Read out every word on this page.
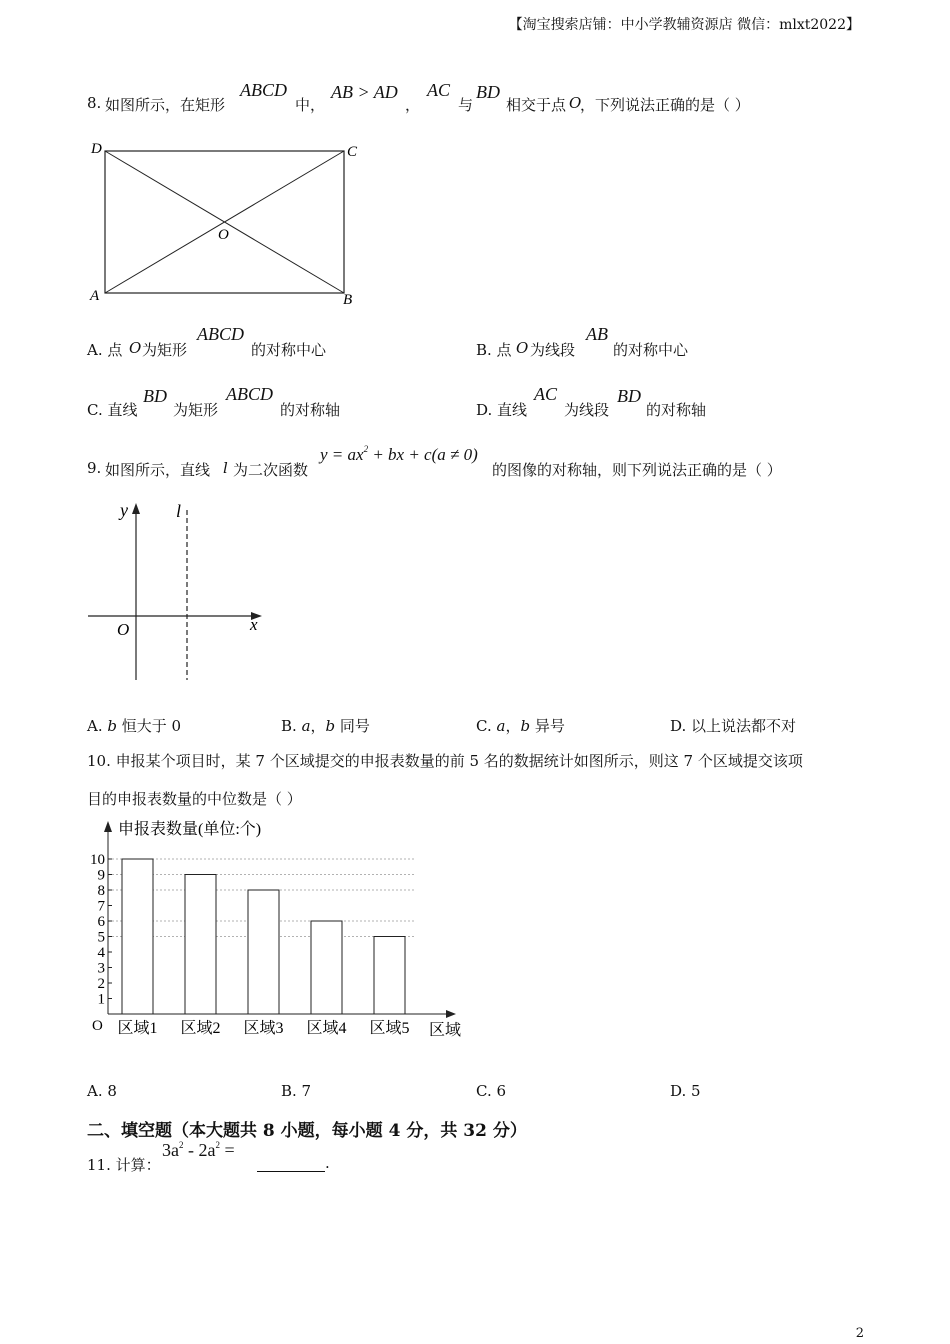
【淘宝搜索店铺：中小学教辅资源店 微信：mlxt2022】
2
8. 如图所示，在矩形
ABCD
中，
AB > AD
，
AC
与
BD
相交于点 O
，下列说法正确的是（ ）
D	C
A	B
O
A. 点 O 为矩形
ABCD
的对称中心	B. 点 O 为线段
AB
的对称中心
C. 直线
BD
为矩形
ABCD
的对称轴	D. 直线
AC
为线段
BD
的对称轴
9. 如图所示，直线 l 为二次函数
$y = ax^2$ + bx + c(a ≠ 0)
的图像的对称轴，则下列说法正确的是（ ）
y	l
O	x
A. b 恒大于 0	B. a，b 同号	C. a，b 异号	D. 以上说法都不对
10. 申报某个项目时，某 7 个区域提交的申报表数量的前 5 名的数据统计如图所示，则这 7 个区域提交该项
目的申报表数量的中位数是（ ）
申报表数量(单位:个)
区域
O
1
2
3
4
5
6
7
8
9
10
区域1 区域2 区域3 区域4 区域5
A. 8	B. 7	C. 6	D. 5
二、填空题（本大题共 8 小题，每小题 4 分，共 32 分）
11. 计算：
$3a^2 - 2a^2$ =
.
